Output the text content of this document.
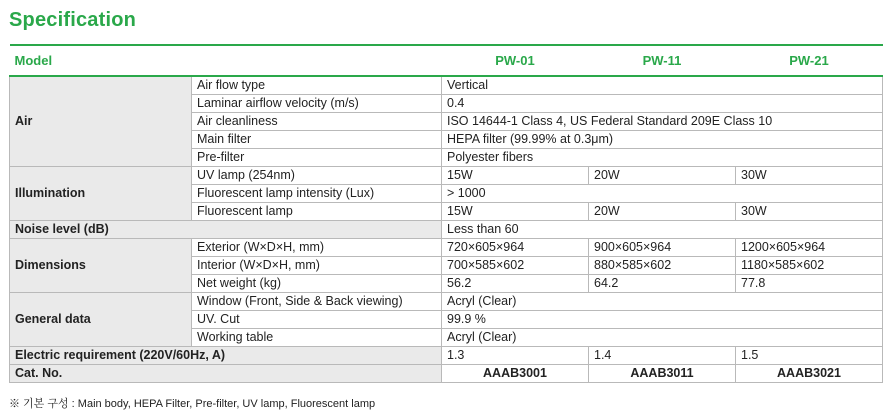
Specification
Model		PW-01	PW-11	PW-21
Air	Air flow type	Vertical		
	Laminar airflow velocity (m/s)	0.4		
	Air cleanliness	ISO 14644-1 Class 4, US Federal Standard 209E Class 10		
	Main filter	HEPA filter (99.99% at 0.3μm)		
	Pre-filter	Polyester fibers		
Illumination	UV lamp (254nm)	15W	20W	30W
	Fluorescent lamp intensity (Lux)	> 1000		
	Fluorescent lamp	15W	20W	30W
Noise level (dB)		Less than 60		
Dimensions	Exterior (W×D×H, mm)	720×605×964	900×605×964	1200×605×964
	Interior (W×D×H, mm)	700×585×602	880×585×602	1180×585×602
	Net weight (kg)	56.2	64.2	77.8
General data	Window (Front, Side & Back viewing)	Acryl (Clear)		
	UV. Cut	99.9 %		
	Working table	Acryl (Clear)		
Electric requirement (220V/60Hz, A)		1.3	1.4	1.5
Cat. No.		AAAB3001	AAAB3011	AAAB3021
※ 기본 구성 : Main body, HEPA Filter, Pre-filter, UV lamp, Fluorescent lamp
